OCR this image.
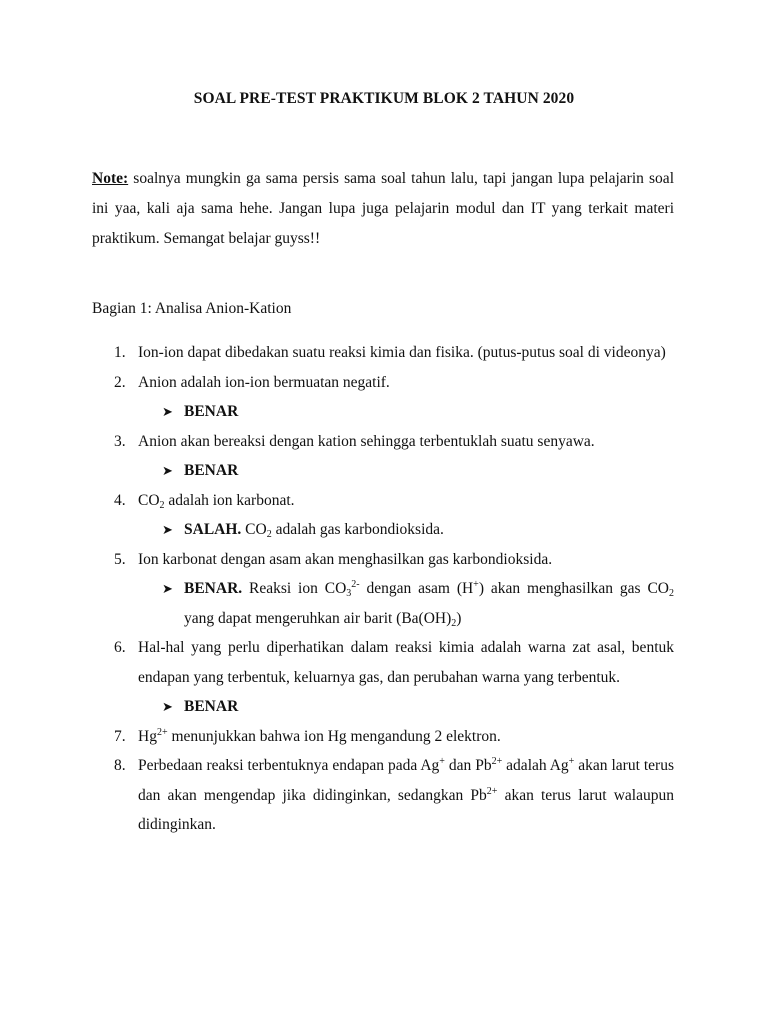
SOAL PRE-TEST PRAKTIKUM BLOK 2 TAHUN 2020
Note: soalnya mungkin ga sama persis sama soal tahun lalu, tapi jangan lupa pelajarin soal ini yaa, kali aja sama hehe. Jangan lupa juga pelajarin modul dan IT yang terkait materi praktikum. Semangat belajar guyss!!
Bagian 1: Analisa Anion-Kation
1. Ion-ion dapat dibedakan suatu reaksi kimia dan fisika. (putus-putus soal di videonya)
2. Anion adalah ion-ion bermuatan negatif.
➤ BENAR
3. Anion akan bereaksi dengan kation sehingga terbentuklah suatu senyawa.
➤ BENAR
4. $CO_2$ adalah ion karbonat.
➤ SALAH. $CO_2$ adalah gas karbondioksida.
5. Ion karbonat dengan asam akan menghasilkan gas karbondioksida.
➤ BENAR. Reaksi ion $CO_3^{2-}$ dengan asam (H+) akan menghasilkan gas $CO_2$ yang dapat mengeruhkan air barit $(Ba(OH)_2)$
6. Hal-hal yang perlu diperhatikan dalam reaksi kimia adalah warna zat asal, bentuk endapan yang terbentuk, keluarnya gas, dan perubahan warna yang terbentuk.
➤ BENAR
7. $Hg^{2+}$ menunjukkan bahwa ion Hg mengandung 2 elektron.
8. Perbedaan reaksi terbentuknya endapan pada Ag+ dan $Pb^{2+}$ adalah Ag+ akan larut terus dan akan mengendap jika didinginkan, sedangkan $Pb^{2+}$ akan terus larut walaupun didinginkan.
